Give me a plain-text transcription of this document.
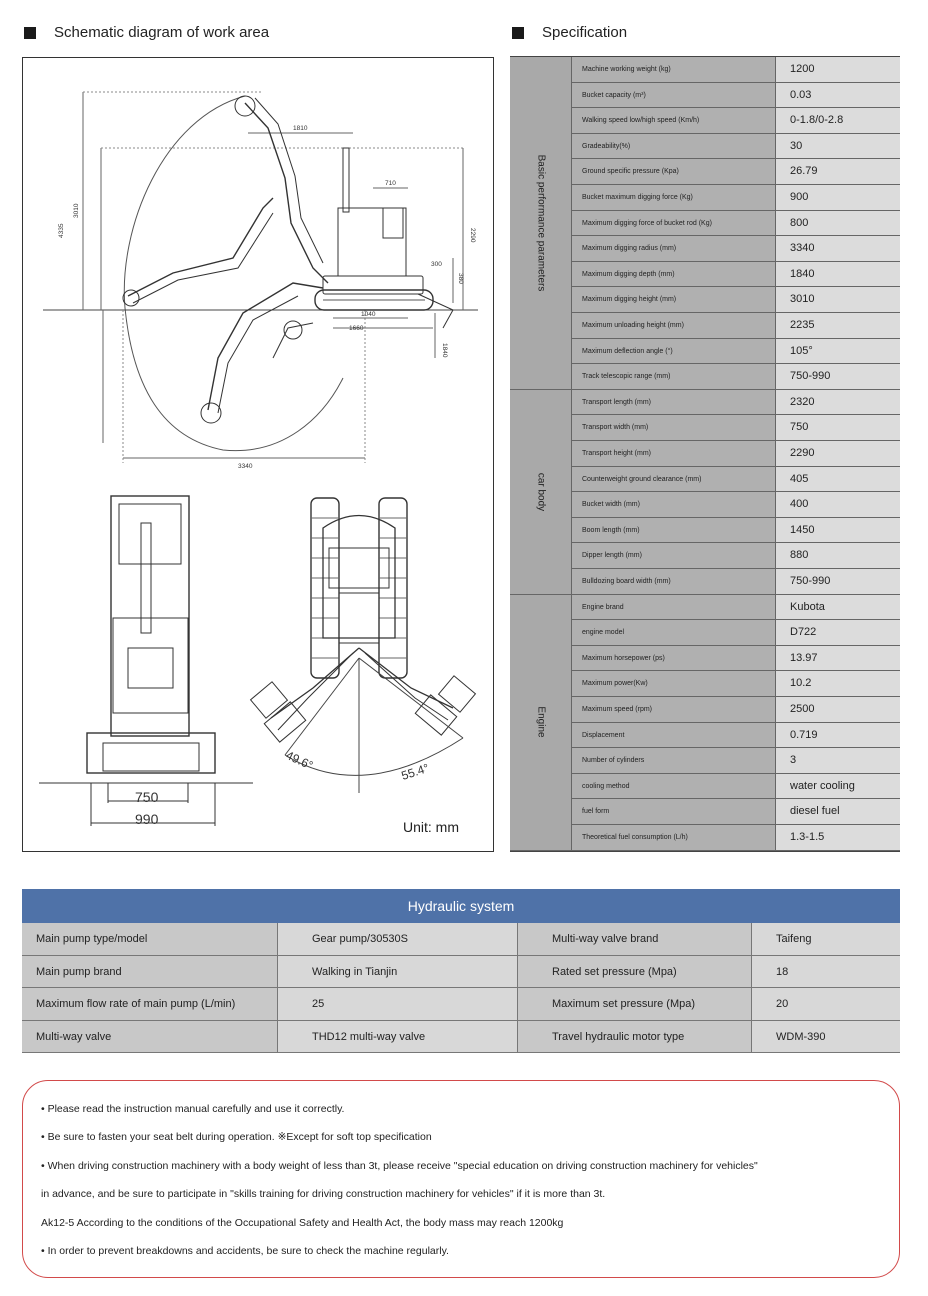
Schematic diagram of work area	Specification
1810
3010
4335
710
2290
300
380
1040
1660
1840
3340
750
990
49.6°	55.4°
Unit: mm
Basic performance parameters
Machine working weight (kg)	1200
Bucket capacity (m³)	0.03
Walking speed low/high speed (Km/h)	0-1.8/0-2.8
Gradeability(%)	30
Ground specific pressure (Kpa)	26.79
Bucket maximum digging force (Kg)	900
Maximum digging force of bucket rod (Kg)	800
Maximum digging radius (mm)	3340
Maximum digging depth (mm)	1840
Maximum digging height (mm)	3010
Maximum unloading height (mm)	2235
Maximum deflection angle (°)	105°
Track telescopic range (mm)	750-990
car body
Transport length (mm)	2320
Transport width (mm)	750
Transport height (mm)	2290
Counterweight ground clearance (mm)	405
Bucket width (mm)	400
Boom length (mm)	1450
Dipper length (mm)	880
Bulldozing board width (mm)	750-990
Engine
Engine brand	Kubota
engine model	D722
Maximum horsepower (ps)	13.97
Maximum power(Kw)	10.2
Maximum speed (rpm)	2500
Displacement	0.719
Number of cylinders	3
cooling method	water cooling
fuel form	diesel fuel
Theoretical fuel consumption (L/h)	1.3-1.5
Hydraulic system
Main pump type/model	Gear pump/30530S	Multi-way valve brand	Taifeng
Main pump brand	Walking in Tianjin	Rated set pressure (Mpa)	18
Maximum flow rate of main pump (L/min)	25	Maximum set pressure (Mpa)	20
Multi-way valve	THD12 multi-way valve	Travel hydraulic motor type	WDM-390

• Please read the instruction manual carefully and use it correctly.

• Be sure to fasten your seat belt during operation. ※Except for soft top specification

• When driving construction machinery with a body weight of less than 3t, please receive "special education on driving construction machinery for vehicles"

in advance, and be sure to participate in "skills training for driving construction machinery for vehicles" if it is more than 3t.

Ak12-5 According to the conditions of the Occupational Safety and Health Act, the body mass may reach 1200kg

• In order to prevent breakdowns and accidents, be sure to check the machine regularly.
